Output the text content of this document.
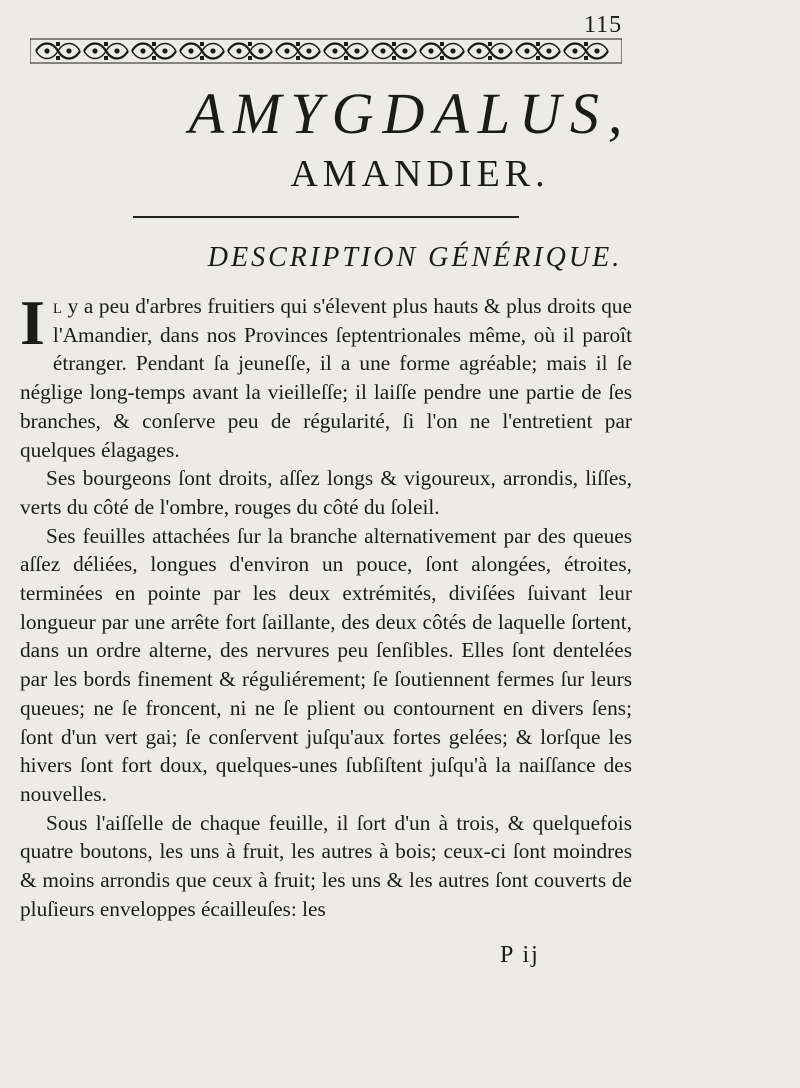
115
AMYGDALUS,
AMANDIER.
DESCRIPTION GÉNÉRIQUE.

Il y a peu d'arbres fruitiers qui s'élevent plus hauts & plus droits que l'Amandier, dans nos Provinces ſeptentrionales même, où il paroît étranger. Pendant ſa jeuneſſe, il a une forme agréable; mais il ſe néglige long-temps avant la vieilleſſe; il laiſſe pendre une partie de ſes branches, & conſerve peu de régularité, ſi l'on ne l'entretient par quelques élagages.

Ses bourgeons ſont droits, aſſez longs & vigoureux, arrondis, liſſes, verts du côté de l'ombre, rouges du côté du ſoleil.

Ses feuilles attachées ſur la branche alternativement par des queues aſſez déliées, longues d'environ un pouce, ſont alongées, étroites, terminées en pointe par les deux extrémités, diviſées ſuivant leur longueur par une arrête fort ſaillante, des deux côtés de laquelle ſortent, dans un ordre alterne, des nervures peu ſenſibles. Elles ſont dentelées par les bords finement & réguliérement; ſe ſoutiennent fermes ſur leurs queues; ne ſe froncent, ni ne ſe plient ou contournent en divers ſens; ſont d'un vert gai; ſe conſervent juſqu'aux fortes gelées; & lorſque les hivers ſont fort doux, quelques-unes ſubſiſtent juſqu'à la naiſſance des nouvelles.

Sous l'aiſſelle de chaque feuille, il ſort d'un à trois, & quelquefois quatre boutons, les uns à fruit, les autres à bois; ceux-ci ſont moindres & moins arrondis que ceux à fruit; les uns & les autres ſont couverts de pluſieurs enveloppes écailleuſes: les

P ij
